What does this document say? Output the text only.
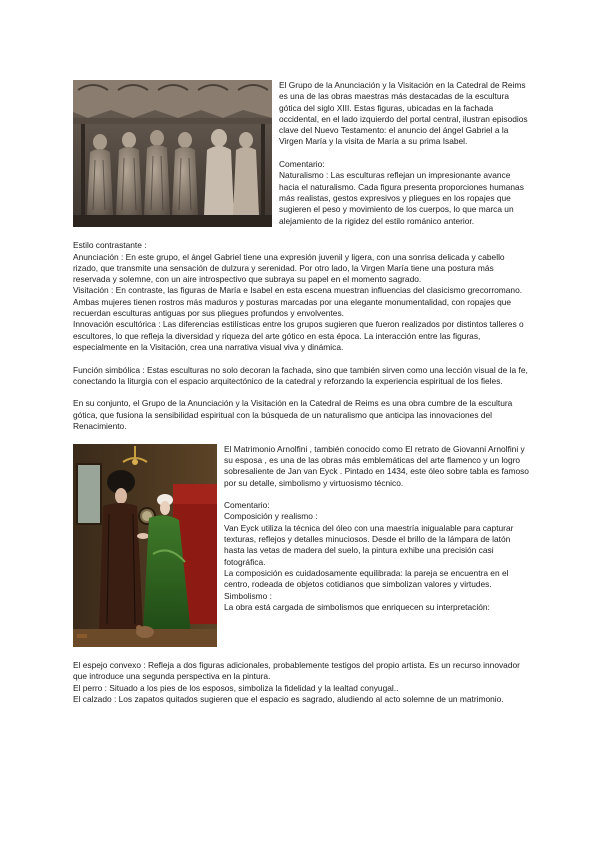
El Grupo de la Anunciación y la Visitación en la Catedral de Reims es una de las obras maestras más destacadas de la escultura gótica del siglo XIII. Estas figuras, ubicadas en la fachada occidental, en el lado izquierdo del portal central, ilustran episodios clave del Nuevo Testamento: el anuncio del ángel Gabriel a la Virgen María y la visita de María a su prima Isabel.

Comentario:

Naturalismo : Las esculturas reflejan un impresionante avance hacia el naturalismo. Cada figura presenta proporciones humanas más realistas, gestos expresivos y pliegues en los ropajes que sugieren el peso y movimiento de los cuerpos, lo que marca un alejamiento de la rigidez del estilo románico anterior.

Estilo contrastante :

Anunciación : En este grupo, el ángel Gabriel tiene una expresión juvenil y ligera, con una sonrisa delicada y cabello rizado, que transmite una sensación de dulzura y serenidad. Por otro lado, la Virgen María tiene una postura más reservada y solemne, con un aire introspectivo que subraya su papel en el momento sagrado.

Visitación : En contraste, las figuras de María e Isabel en esta escena muestran influencias del clasicismo grecorromano. Ambas mujeres tienen rostros más maduros y posturas marcadas por una elegante monumentalidad, con ropajes que recuerdan esculturas antiguas por sus pliegues profundos y envolventes.

Innovación escultórica : Las diferencias estilísticas entre los grupos sugieren que fueron realizados por distintos talleres o escultores, lo que refleja la diversidad y riqueza del arte gótico en esta época. La interacción entre las figuras, especialmente en la Visitación, crea una narrativa visual viva y dinámica.

Función simbólica : Estas esculturas no solo decoran la fachada, sino que también sirven como una lección visual de la fe, conectando la liturgia con el espacio arquitectónico de la catedral y reforzando la experiencia espiritual de los fieles.

En su conjunto, el Grupo de la Anunciación y la Visitación en la Catedral de Reims es una obra cumbre de la escultura gótica, que fusiona la sensibilidad espiritual con la búsqueda de un naturalismo que anticipa las innovaciones del Renacimiento.

El Matrimonio Arnolfini , también conocido como El retrato de Giovanni Arnolfini y su esposa , es una de las obras más emblemáticas del arte flamenco y un logro sobresaliente de Jan van Eyck . Pintado en 1434, este óleo sobre tabla es famoso por su detalle, simbolismo y virtuosismo técnico.

Comentario:

Composición y realismo :

Van Eyck utiliza la técnica del óleo con una maestría inigualable para capturar texturas, reflejos y detalles minuciosos. Desde el brillo de la lámpara de latón hasta las vetas de madera del suelo, la pintura exhibe una precisión casi fotográfica.

La composición es cuidadosamente equilibrada: la pareja se encuentra en el centro, rodeada de objetos cotidianos que simbolizan valores y virtudes.

Simbolismo :

La obra está cargada de simbolismos que enriquecen su interpretación:

El espejo convexo : Refleja a dos figuras adicionales, probablemente testigos del propio artista. Es un recurso innovador que introduce una segunda perspectiva en la pintura.

El perro : Situado a los pies de los esposos, simboliza la fidelidad y la lealtad conyugal..

El calzado : Los zapatos quitados sugieren que el espacio es sagrado, aludiendo al acto solemne de un matrimonio.
